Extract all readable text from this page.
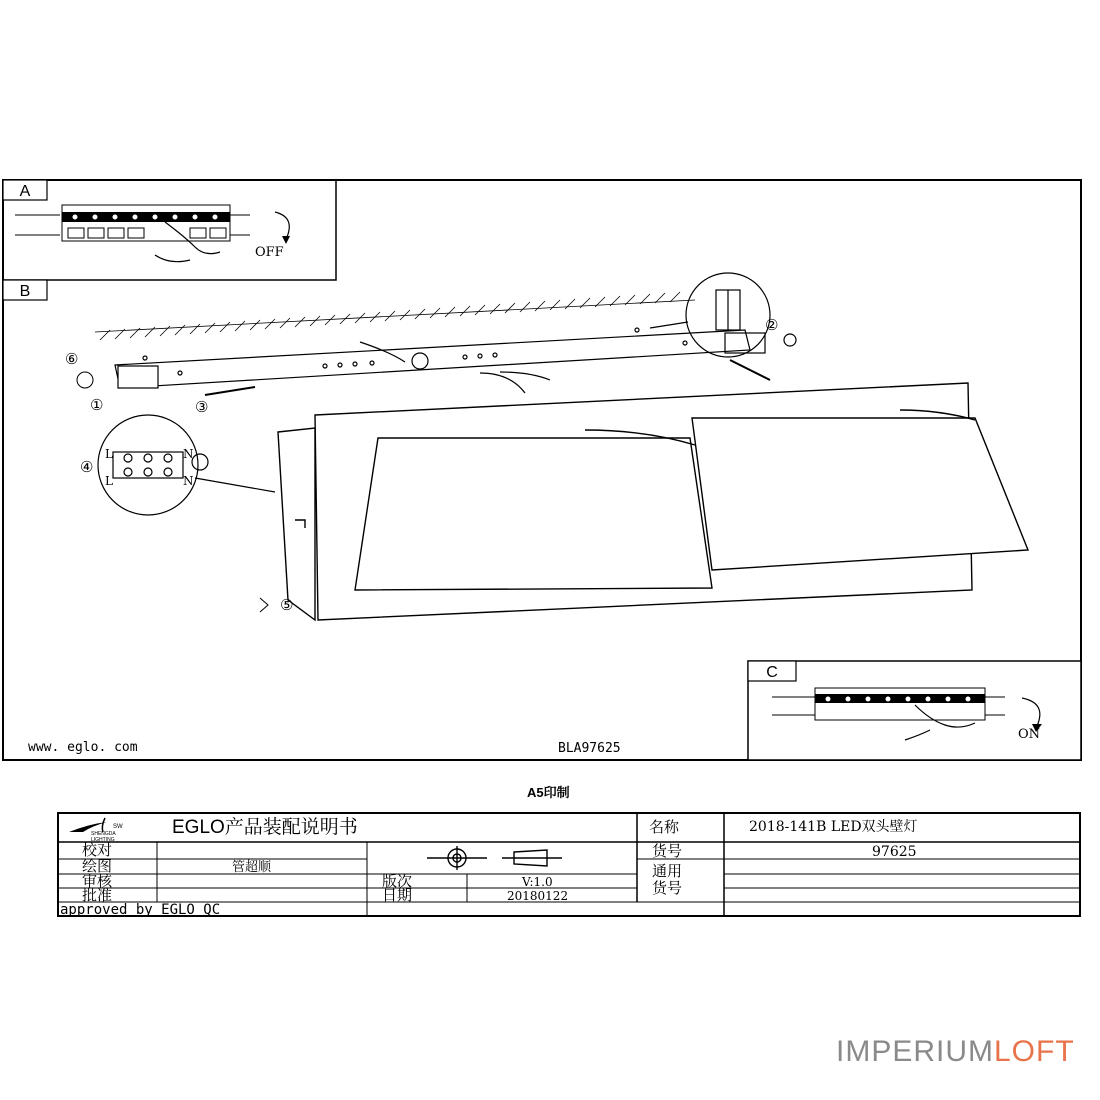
A
OFF
B
①
②
③
④
⑤
⑥
L
L
N
N
C
ON
www. eglo. com	BLA97625
A5印制
SW
SHENGDA
LIGHTING
EGLO产品装配说明书	名称	2018-141B LED双头壁灯
校对
绘图	管超顺
审核
批准
版次	V:1.0
日期	20180122
货号	97625
通用
货号
approved by EGLO QC
IMPERIUMLOFT
